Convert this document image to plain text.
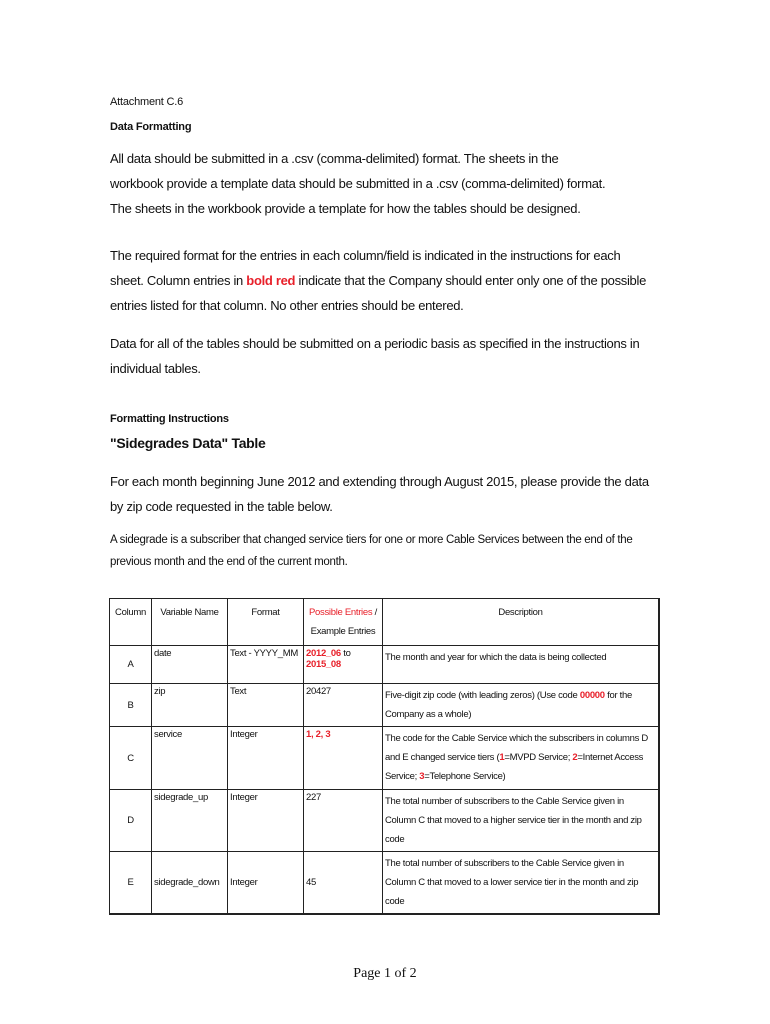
Attachment C.6

Data Formatting

All data should be submitted in a .csv (comma-delimited) format. The sheets in the workbook provide a template data should be submitted in a .csv (comma-delimited) format. The sheets in the workbook provide a template for how the tables should be designed.

The required format for the entries in each column/field is indicated in the instructions for each sheet. Column entries in bold red indicate that the Company should enter only one of the possible entries listed for that column. No other entries should be entered.

Data for all of the tables should be submitted on a periodic basis as specified in the instructions in individual tables.

Formatting Instructions

"Sidegrades Data" Table

For each month beginning June 2012 and extending through August 2015, please provide the data by zip code requested in the table below.

A sidegrade is a subscriber that changed service tiers for one or more Cable Services between the end of the previous month and the end of the current month.

Column	Variable Name	Format	Possible Entries / Example Entries	Description
A	date	Text - YYYY_MM	2012_06 to 2015_08	The month and year for which the data is being collected
B	zip	Text	20427	Five-digit zip code (with leading zeros) (Use code 00000 for the Company as a whole)
C	service	Integer	1, 2, 3	The code for the Cable Service which the subscribers in columns D and E changed service tiers (1=MVPD Service; 2=Internet Access Service; 3=Telephone Service)
D	sidegrade_up	Integer	227	The total number of subscribers to the Cable Service given in Column C that moved to a higher service tier in the month and zip code
E	sidegrade_down	Integer	45	The total number of subscribers to the Cable Service given in Column C that moved to a lower service tier in the month and zip code
Page 1 of 2
